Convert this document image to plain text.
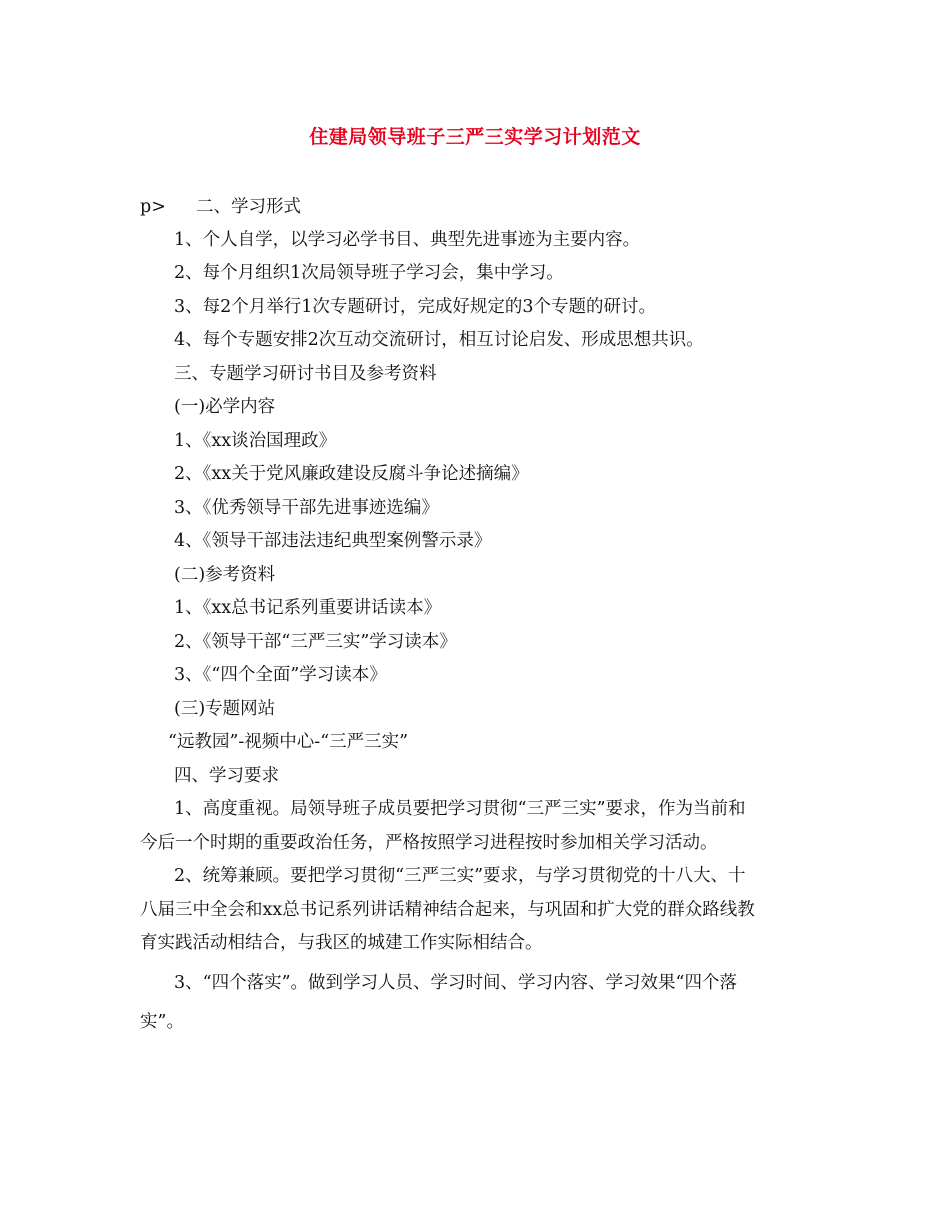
住建局领导班子三严三实学习计划范文
p> 二、学习形式
1、个人自学，以学习必学书目、典型先进事迹为主要内容。
2、每个月组织1次局领导班子学习会，集中学习。
3、每2个月举行1次专题研讨，完成好规定的3个专题的研讨。
4、每个专题安排2次互动交流研讨，相互讨论启发、形成思想共识。
三、专题学习研讨书目及参考资料
(一)必学内容
1、《xx谈治国理政》
2、《xx关于党风廉政建设反腐斗争论述摘编》
3、《优秀领导干部先进事迹选编》
4、《领导干部违法违纪典型案例警示录》
(二)参考资料
1、《xx总书记系列重要讲话读本》
2、《领导干部“三严三实”学习读本》
3、《“四个全面”学习读本》
(三)专题网站
“远教园”-视频中心-“三严三实”
四、学习要求
1、高度重视。局领导班子成员要把学习贯彻“三严三实”要求，作为当前和
今后一个时期的重要政治任务，严格按照学习进程按时参加相关学习活动。
2、统筹兼顾。要把学习贯彻“三严三实”要求，与学习贯彻党的十八大、十
八届三中全会和xx总书记系列讲话精神结合起来，与巩固和扩大党的群众路线教
育实践活动相结合，与我区的城建工作实际相结合。
3、“四个落实”。做到学习人员、学习时间、学习内容、学习效果“四个落
实”。
